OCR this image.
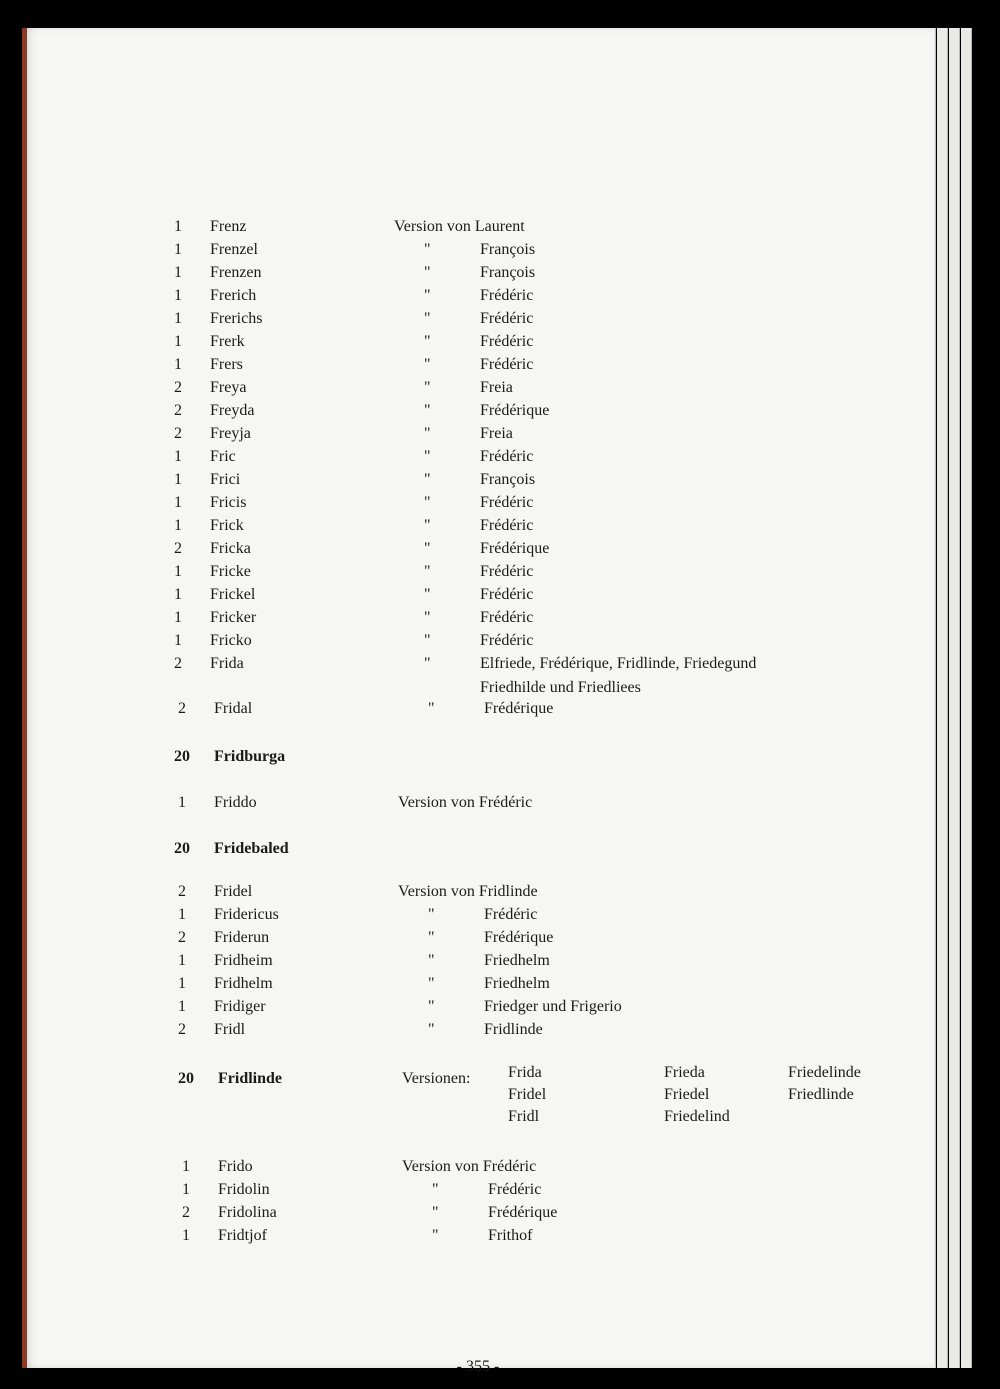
1	Frenz	Version von Laurent
1	Frenzel	"	François
1	Frenzen	"	François
1	Frerich	"	Frédéric
1	Frerichs	"	Frédéric
1	Frerk	"	Frédéric
1	Frers	"	Frédéric
2	Freya	"	Freia
2	Freyda	"	Frédérique
2	Freyja	"	Freia
1	Fric	"	Frédéric
1	Frici	"	François
1	Fricis	"	Frédéric
1	Frick	"	Frédéric
2	Fricka	"	Frédérique
1	Fricke	"	Frédéric
1	Frickel	"	Frédéric
1	Fricker	"	Frédéric
1	Fricko	"	Frédéric
2	Frida	"	Elfriede, Frédérique, Fridlinde, Friedegund
Friedhilde und Friedliees
2	Fridal	"	Frédérique
20	Fridburga
1	Friddo	Version von Frédéric
20	Fridebaled
2	Fridel	Version von Fridlinde
1	Fridericus	"	Frédéric
2	Friderun	"	Frédérique
1	Fridheim	"	Friedhelm
1	Fridhelm	"	Friedhelm
1	Fridiger	"	Friedger und Frigerio
2	Fridl	"	Fridlinde
20	Fridlinde	Versionen: Frida	Frieda	Friedelinde
Fridel	Friedel	Friedlinde
Fridl	Friedelind
1	Frido	Version von Frédéric
1	Fridolin	"	Frédéric
2	Fridolina	"	Frédérique
1	Fridtjof	"	Frithof
- 355 -
